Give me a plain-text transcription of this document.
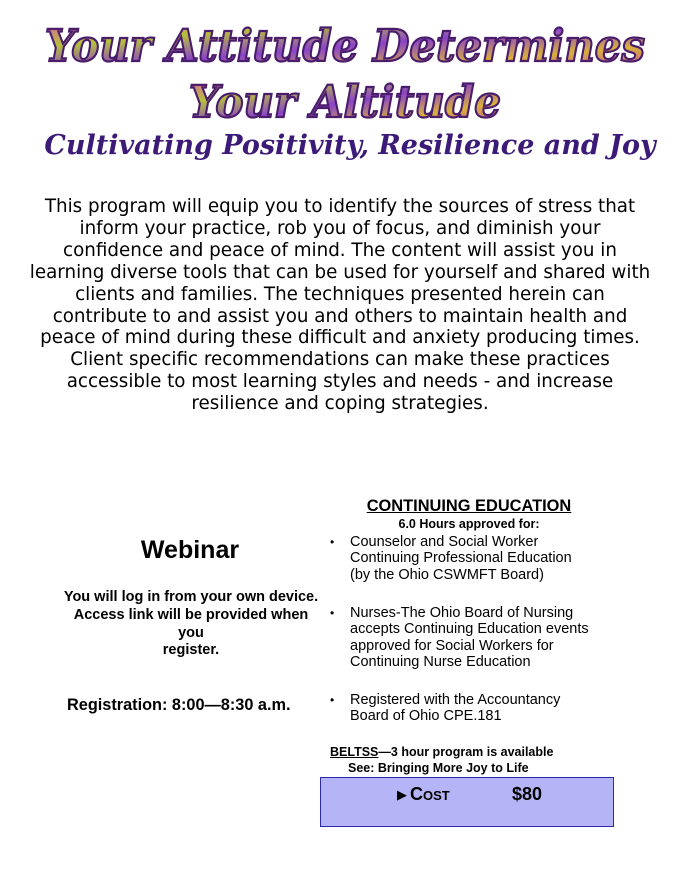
Your Attitude Determines
Your Altitude
Cultivating Positivity, Resilience and Joy
This program will equip you to identify the sources of stress that inform your practice, rob you of focus, and diminish your confidence and peace of mind. The content will assist you in learning diverse tools that can be used for yourself and shared with clients and families. The techniques presented herein can contribute to and assist you and others to maintain health and peace of mind during these difficult and anxiety producing times. Client specific recommendations can make these practices accessible to most learning styles and needs - and increase resilience and coping strategies.
Webinar
You will log in from your own device.
Access link will be provided when you
register.
Registration: 8:00—8:30 a.m.
CONTINUING EDUCATION
6.0 Hours approved for:
•	Counselor and Social Worker
Continuing Professional Education
(by the Ohio CSWMFT Board)
•	Nurses-The Ohio Board of Nursing
accepts Continuing Education events
approved for Social Workers for
Continuing Nurse Education
•	Registered with the Accountancy
Board of Ohio CPE.181
BELTSS—3 hour program is available
See: Bringing More Joy to Life
▶ Cost	$80
